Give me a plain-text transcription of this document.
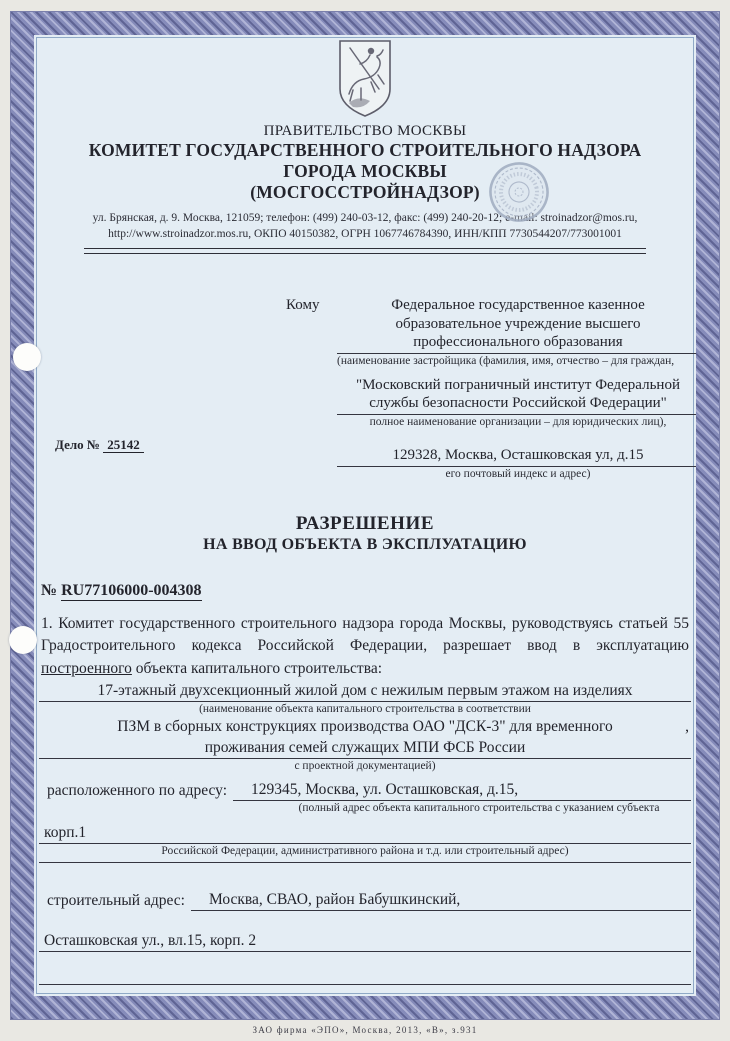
ПРАВИТЕЛЬСТВО МОСКВЫ
КОМИТЕТ ГОСУДАРСТВЕННОГО СТРОИТЕЛЬНОГО НАДЗОРА
ГОРОДА МОСКВЫ
(МОСГОССТРОЙНАДЗОР)
ул. Брянская, д. 9. Москва, 121059; телефон: (499) 240-03-12, факс: (499) 240-20-12; e-mail: stroinadzor@mos.ru,
http://www.stroinadzor.mos.ru, ОКПО 40150382, ОГРН 1067746784390, ИНН/КПП 7730544207/773001001
Кому	Федеральное государственное казенное
образовательное учреждение высшего
профессионального образования
(наименование застройщика (фамилия, имя, отчество – для граждан,
"Московский пограничный институт Федеральной
службы безопасности Российской Федерации"
полное наименование организации – для юридических лиц),
129328, Москва, Осташковская ул, д.15
его почтовый индекс и адрес)
Дело № 25142
РАЗРЕШЕНИЕ
НА ВВОД ОБЪЕКТА В ЭКСПЛУАТАЦИЮ
№ RU77106000-004308
1. Комитет государственного строительного надзора города Москвы, руководствуясь статьей 55 Градостроительного кодекса Российской Федерации, разрешает ввод в эксплуатацию построенного объекта капитального строительства:
17-этажный двухсекционный жилой дом с нежилым первым этажом на изделиях
(наименование объекта капитального строительства в соответствии
ПЗМ в сборных конструкциях производства ОАО "ДСК-3" для временного	,
проживания семей служащих МПИ ФСБ России
с проектной документацией)
расположенного по адресу:	129345, Москва, ул. Осташковская, д.15,
(полный адрес объекта капитального строительства с указанием субъекта
корп.1
Российской Федерации, административного района и т.д. или строительный адрес)
строительный адрес:	Москва, СВАО, район Бабушкинский,
Осташковская ул., вл.15, корп. 2
ЗАО фирма «ЭПО», Москва, 2013, «В», з.931
